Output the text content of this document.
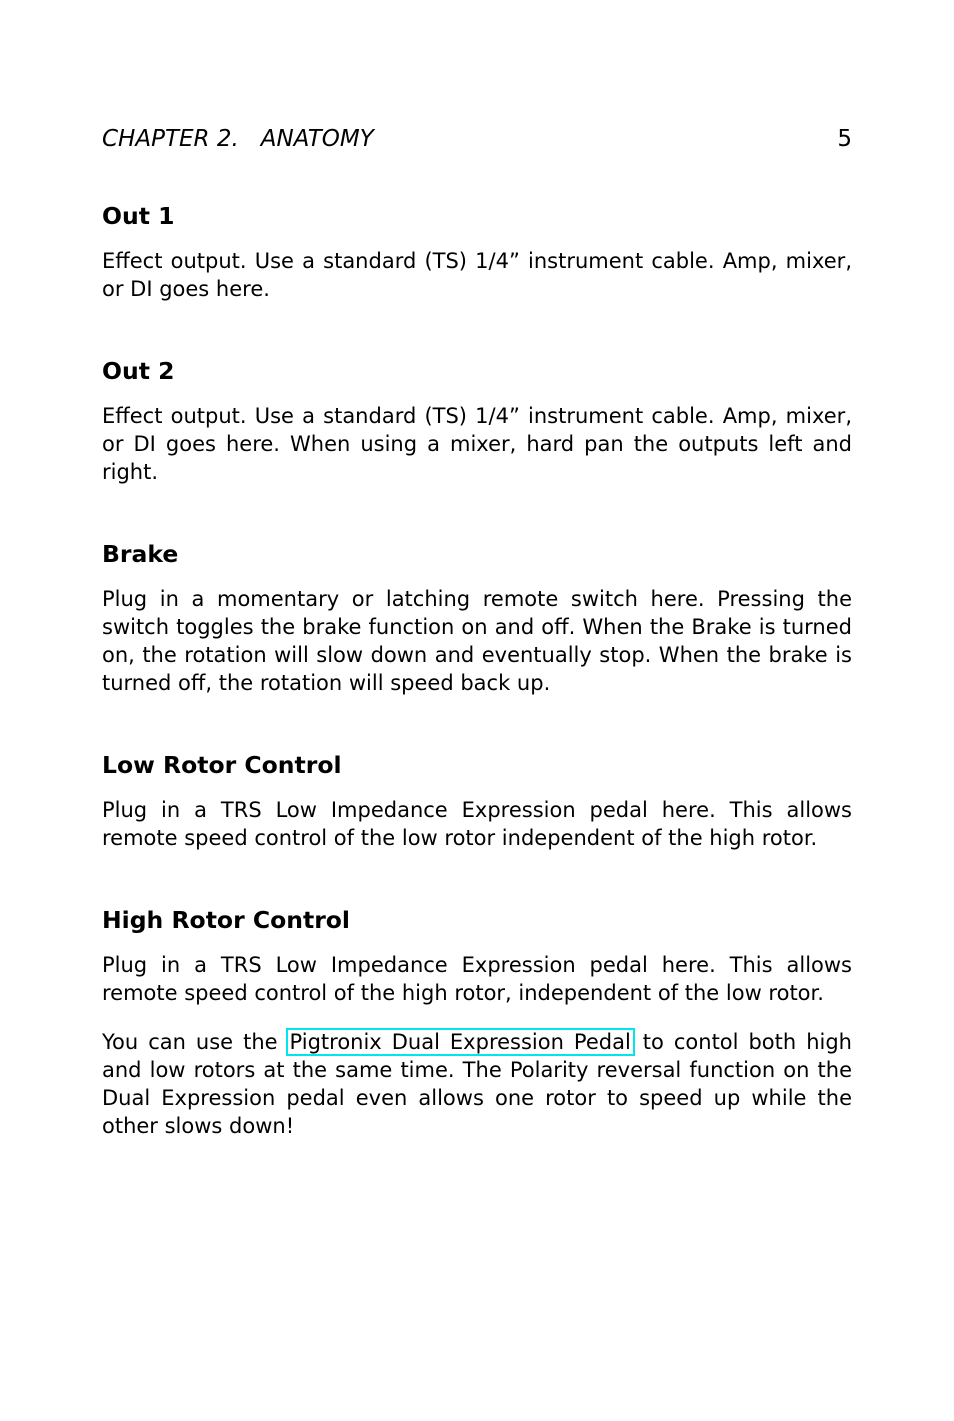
CHAPTER 2.   ANATOMY	5
Out 1

Effect output. Use a standard (TS) 1/4” instrument cable. Amp, mixer, or DI goes here.

Out 2

Effect output. Use a standard (TS) 1/4” instrument cable. Amp, mixer, or DI goes here. When using a mixer, hard pan the outputs left and right.

Brake

Plug in a momentary or latching remote switch here. Pressing the switch toggles the brake function on and off. When the Brake is turned on, the rotation will slow down and eventually stop. When the brake is turned off, the rotation will speed back up.

Low Rotor Control

Plug in a TRS Low Impedance Expression pedal here. This allows remote speed control of the low rotor independent of the high rotor.

High Rotor Control

Plug in a TRS Low Impedance Expression pedal here. This allows remote speed control of the high rotor, independent of the low rotor.

You can use the Pigtronix Dual Expression Pedal to contol both high and low rotors at the same time. The Polarity reversal function on the Dual Expression pedal even allows one rotor to speed up while the other slows down!
